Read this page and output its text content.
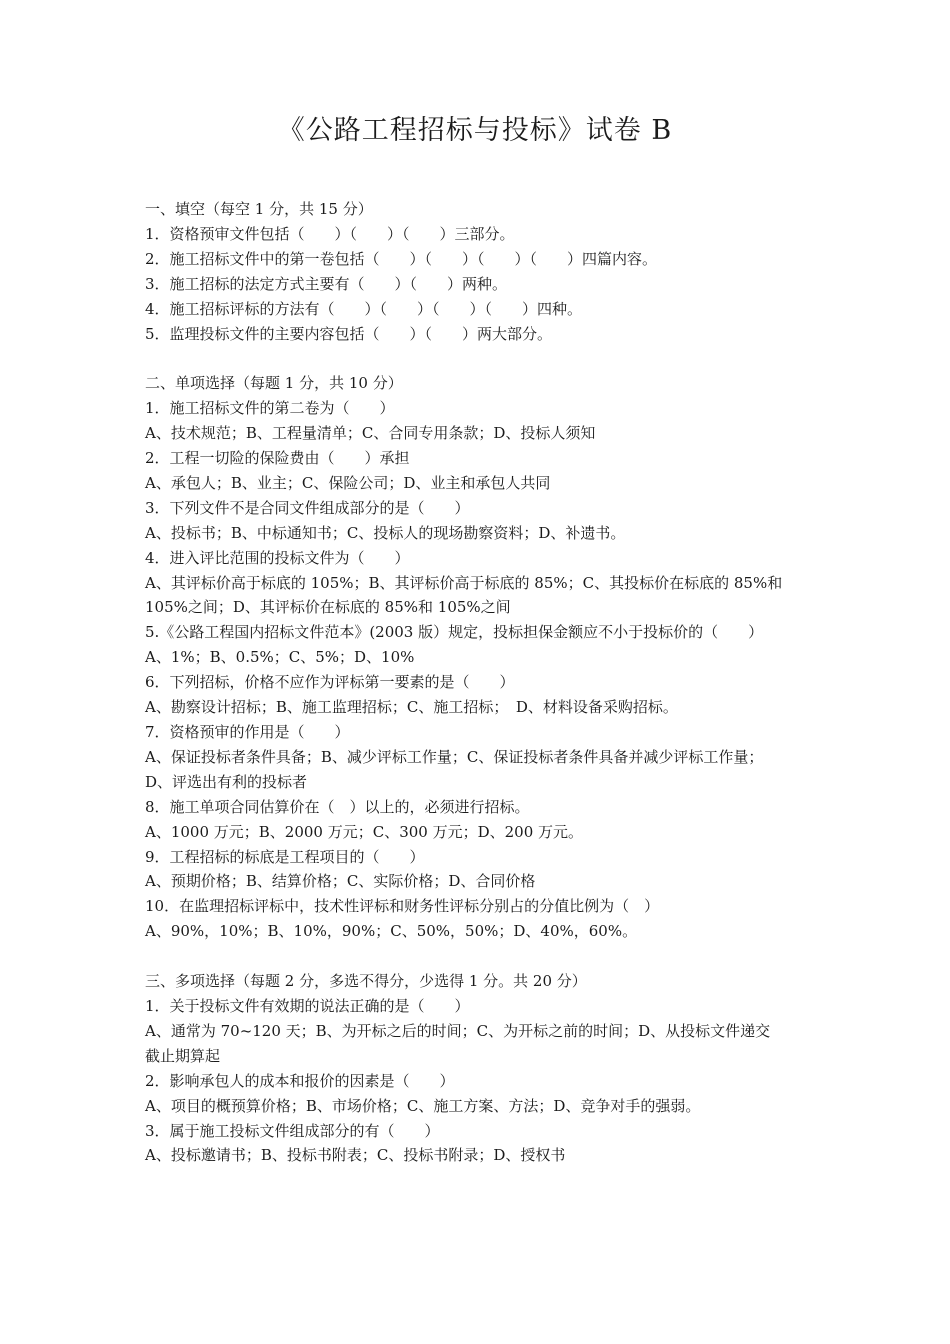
《公路工程招标与投标》试卷 B

一、填空（每空 1 分，共 15 分）

1．资格预审文件包括（　　）（　　）（　　）三部分。

2．施工招标文件中的第一卷包括（　　）（　　）（　　）（　　）四篇内容。

3．施工招标的法定方式主要有（　　）（　　）两种。

4．施工招标评标的方法有（　　）（　　）（　　）（　　）四种。

5．监理投标文件的主要内容包括（　　）（　　）两大部分。

二、单项选择（每题 1 分，共 10 分）

1．施工招标文件的第二卷为（　　）

A、技术规范；B、工程量清单；C、合同专用条款；D、投标人须知

2．工程一切险的保险费由（　　）承担

A、承包人；B、业主；C、保险公司；D、业主和承包人共同

3．下列文件不是合同文件组成部分的是（　　）

A、投标书；B、中标通知书；C、投标人的现场勘察资料；D、补遗书。

4．进入评比范围的投标文件为（　　）

A、其评标价高于标底的 105%；B、其评标价高于标底的 85%；C、其投标价在标底的 85%和

105%之间；D、其评标价在标底的 85%和 105%之间

5.《公路工程国内招标文件范本》(2003 版）规定，投标担保金额应不小于投标价的（　　）

A、1%；B、0.5%；C、5%；D、10%

6．下列招标，价格不应作为评标第一要素的是（　　）

A、勘察设计招标；B、施工监理招标；C、施工招标；　D、材料设备采购招标。

7．资格预审的作用是（　　）

A、保证投标者条件具备；B、减少评标工作量；C、保证投标者条件具备并减少评标工作量；

D、评选出有利的投标者

8．施工单项合同估算价在（　）以上的，必须进行招标。

A、1000 万元；B、2000 万元；C、300 万元；D、200 万元。

9．工程招标的标底是工程项目的（　　）

A、预期价格；B、结算价格；C、实际价格；D、合同价格

10．在监理招标评标中，技术性评标和财务性评标分别占的分值比例为（　）

A、90%，10%；B、10%，90%；C、50%，50%；D、40%，60%。

三、多项选择（每题 2 分，多选不得分，少选得 1 分。共 20 分）

1．关于投标文件有效期的说法正确的是（　　）

A、通常为 70~120 天；B、为开标之后的时间；C、为开标之前的时间；D、从投标文件递交

截止期算起

2．影响承包人的成本和报价的因素是（　　）

A、项目的概预算价格；B、市场价格；C、施工方案、方法；D、竞争对手的强弱。

3．属于施工投标文件组成部分的有（　　）

A、投标邀请书；B、投标书附表；C、投标书附录；D、授权书
